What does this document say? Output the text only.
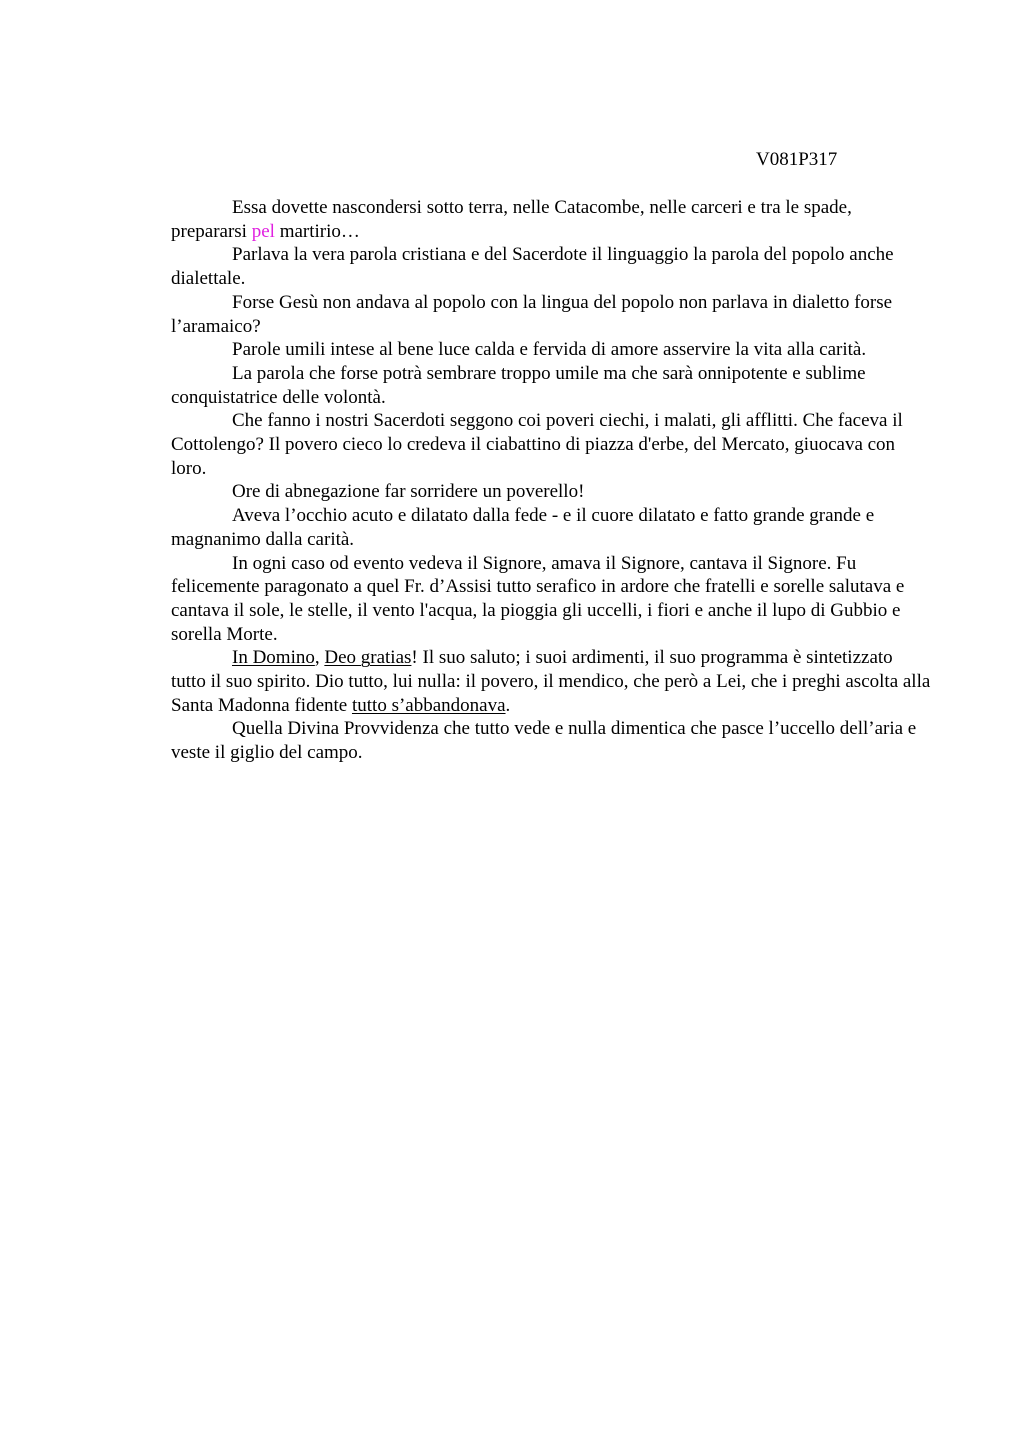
V081P317

Essa dovette nascondersi sotto terra, nelle Catacombe, nelle carceri e tra le spade, prepararsi pel martirio…

Parlava la vera parola cristiana e del Sacerdote il linguaggio la parola del popolo anche dialettale.

Forse Gesù non andava al popolo con la lingua del popolo non parlava in dialetto forse l’aramaico?

Parole umili intese al bene luce calda e fervida di amore asservire la vita alla carità.

La parola che forse potrà sembrare troppo umile ma che sarà onnipotente e sublime conquistatrice delle volontà.

Che fanno i nostri Sacerdoti seggono coi poveri ciechi, i malati, gli afflitti. Che faceva il Cottolengo? Il povero cieco lo credeva il ciabattino di piazza d'erbe, del Mercato, giuocava con loro.

Ore di abnegazione far sorridere un poverello!

Aveva l’occhio acuto e dilatato dalla fede - e il cuore dilatato e fatto grande grande e magnanimo dalla carità.

In ogni caso od evento vedeva il Signore, amava il Signore, cantava il Signore. Fu felicemente paragonato a quel Fr. d’Assisi tutto serafico in ardore che fratelli e sorelle salutava e cantava il sole, le stelle, il vento l'acqua, la pioggia gli uccelli, i fiori e anche il lupo di Gubbio e sorella Morte.

In Domino, Deo gratias! Il suo saluto; i suoi ardimenti, il suo programma è sintetizzato tutto il suo spirito. Dio tutto, lui nulla: il povero, il mendico, che però a Lei, che i preghi ascolta alla Santa Madonna fidente tutto s’abbandonava.

Quella Divina Provvidenza che tutto vede e nulla dimentica che pasce l’uccello dell’aria e veste il giglio del campo.
